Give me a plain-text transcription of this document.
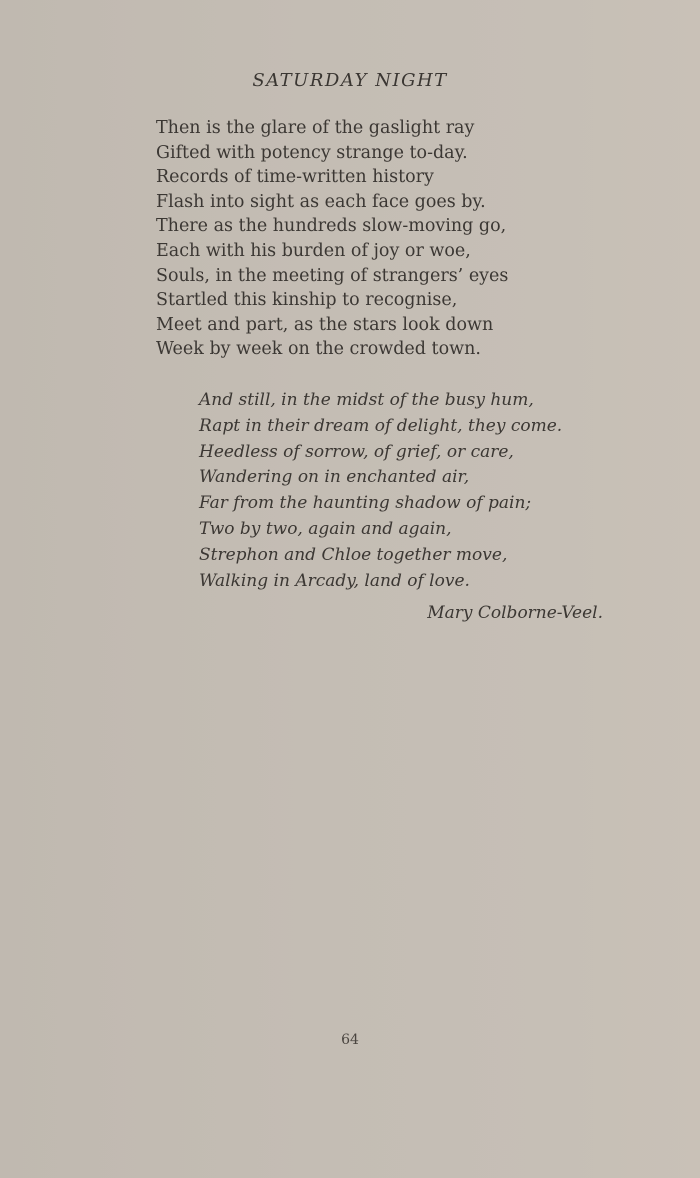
SATURDAY NIGHT
Then is the glare of the gaslight ray
Gifted with potency strange to-day.
Records of time-written history
Flash into sight as each face goes by.
There as the hundreds slow-moving go,
Each with his burden of joy or woe,
Souls, in the meeting of strangers’ eyes
Startled this kinship to recognise,
Meet and part, as the stars look down
Week by week on the crowded town.
And still, in the midst of the busy hum,
Rapt in their dream of delight, they come.
Heedless of sorrow, of grief, or care,
Wandering on in enchanted air,
Far from the haunting shadow of pain;
Two by two, again and again,
Strephon and Chloe together move,
Walking in Arcady, land of love.
Mary Colborne-Veel.
64
